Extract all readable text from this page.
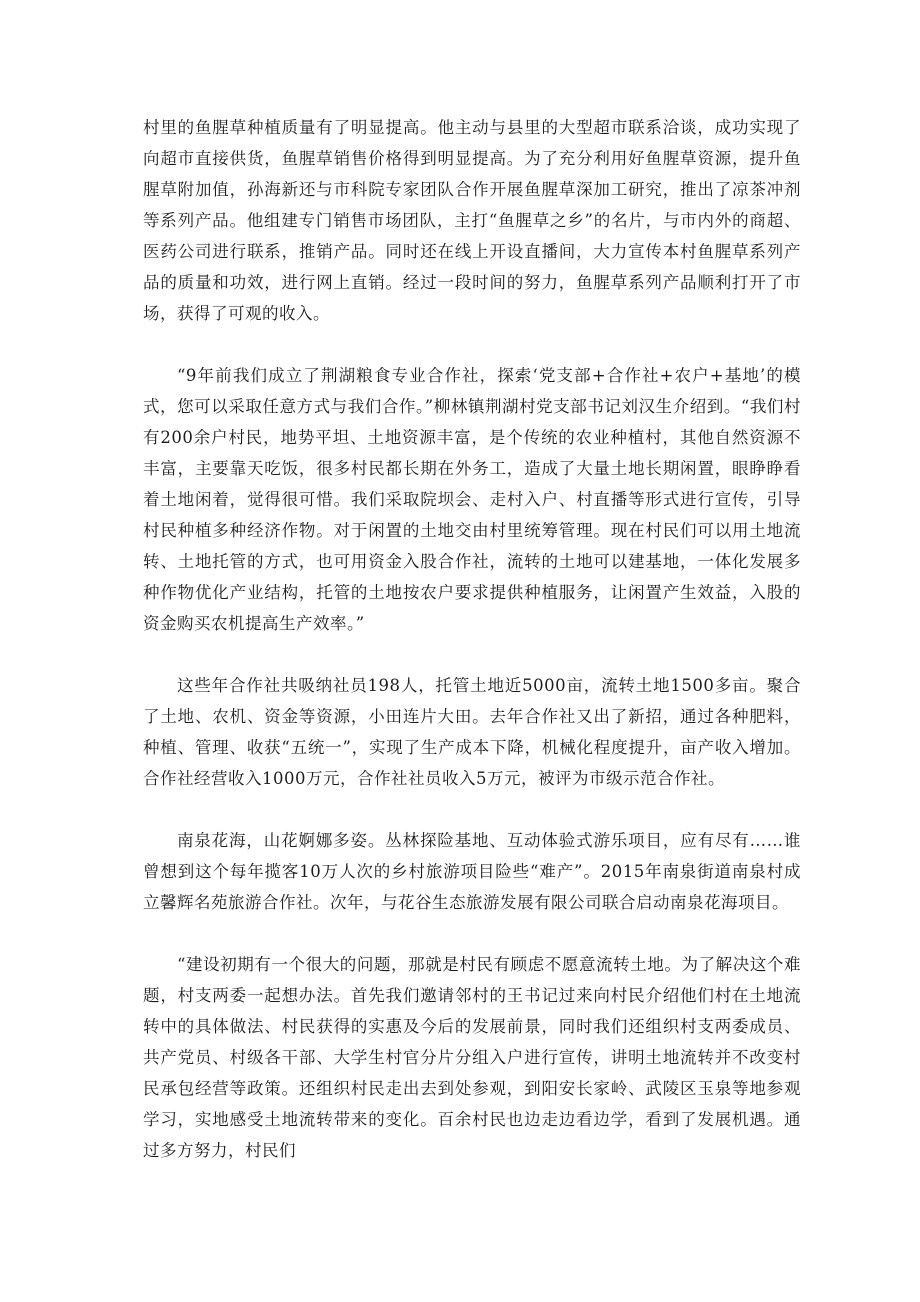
村里的鱼腥草种植质量有了明显提高。他主动与县里的大型超市联系洽谈，成功实现了向超市直接供货，鱼腥草销售价格得到明显提高。为了充分利用好鱼腥草资源，提升鱼腥草附加值，孙海新还与市科院专家团队合作开展鱼腥草深加工研究，推出了凉茶冲剂等系列产品。他组建专门销售市场团队，主打“鱼腥草之乡”的名片，与市内外的商超、医药公司进行联系，推销产品。同时还在线上开设直播间，大力宣传本村鱼腥草系列产品的质量和功效，进行网上直销。经过一段时间的努力，鱼腥草系列产品顺利打开了市场，获得了可观的收入。

“9年前我们成立了荆湖粮食专业合作社，探索‘党支部+合作社+农户+基地’的模式，您可以采取任意方式与我们合作。”柳林镇荆湖村党支部书记刘汉生介绍到。“我们村有200余户村民，地势平坦、土地资源丰富，是个传统的农业种植村，其他自然资源不丰富，主要靠天吃饭，很多村民都长期在外务工，造成了大量土地长期闲置，眼睁睁看着土地闲着，觉得很可惜。我们采取院坝会、走村入户、村直播等形式进行宣传，引导村民种植多种经济作物。对于闲置的土地交由村里统筹管理。现在村民们可以用土地流转、土地托管的方式，也可用资金入股合作社，流转的土地可以建基地，一体化发展多种作物优化产业结构，托管的土地按农户要求提供种植服务，让闲置产生效益，入股的资金购买农机提高生产效率。”

这些年合作社共吸纳社员198人，托管土地近5000亩，流转土地1500多亩。聚合了土地、农机、资金等资源，小田连片大田。去年合作社又出了新招，通过各种肥料，种植、管理、收获“五统一”，实现了生产成本下降，机械化程度提升，亩产收入增加。合作社经营收入1000万元，合作社社员收入5万元，被评为市级示范合作社。

南泉花海，山花婀娜多姿。丛林探险基地、互动体验式游乐项目，应有尽有……谁曾想到这个每年揽客10万人次的乡村旅游项目险些“难产”。2015年南泉街道南泉村成立馨辉名苑旅游合作社。次年，与花谷生态旅游发展有限公司联合启动南泉花海项目。

“建设初期有一个很大的问题，那就是村民有顾虑不愿意流转土地。为了解决这个难题，村支两委一起想办法。首先我们邀请邻村的王书记过来向村民介绍他们村在土地流转中的具体做法、村民获得的实惠及今后的发展前景，同时我们还组织村支两委成员、共产党员、村级各干部、大学生村官分片分组入户进行宣传，讲明土地流转并不改变村民承包经营等政策。还组织村民走出去到处参观，到阳安长家岭、武陵区玉泉等地参观学习，实地感受土地流转带来的变化。百余村民也边走边看边学，看到了发展机遇。通过多方努力，村民们
